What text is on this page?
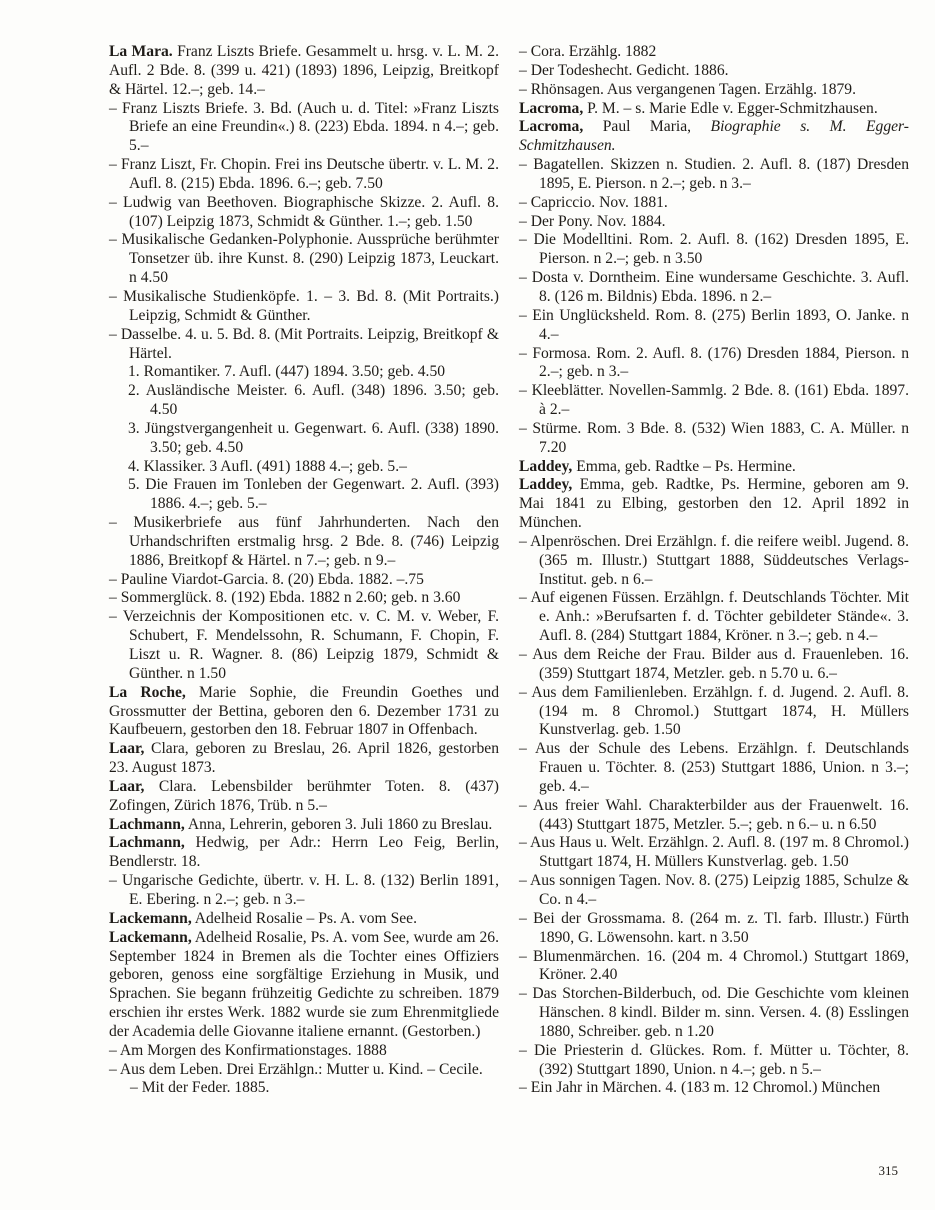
La Mara. Franz Liszts Briefe. Gesammelt u. hrsg. v. L. M. 2. Aufl. 2 Bde. 8. (399 u. 421) (1893) 1896, Leipzig, Breitkopf & Härtel. 12.–; geb. 14.–

– Franz Liszts Briefe. 3. Bd. (Auch u. d. Titel: »Franz Liszts Briefe an eine Freundin«.) 8. (223) Ebda. 1894. n 4.–; geb. 5.–

– Franz Liszt, Fr. Chopin. Frei ins Deutsche übertr. v. L. M. 2. Aufl. 8. (215) Ebda. 1896. 6.–; geb. 7.50

– Ludwig van Beethoven. Biographische Skizze. 2. Aufl. 8. (107) Leipzig 1873, Schmidt & Günther. 1.–; geb. 1.50

– Musikalische Gedanken-Polyphonie. Aussprüche berühmter Tonsetzer üb. ihre Kunst. 8. (290) Leipzig 1873, Leuckart. n 4.50

– Musikalische Studienköpfe. 1. – 3. Bd. 8. (Mit Portraits.) Leipzig, Schmidt & Günther.

– Dasselbe. 4. u. 5. Bd. 8. (Mit Portraits. Leipzig, Breitkopf & Härtel.

1. Romantiker. 7. Aufl. (447) 1894. 3.50; geb. 4.50

2. Ausländische Meister. 6. Aufl. (348) 1896. 3.50; geb. 4.50

3. Jüngstvergangenheit u. Gegenwart. 6. Aufl. (338) 1890. 3.50; geb. 4.50

4. Klassiker. 3 Aufl. (491) 1888 4.–; geb. 5.–

5. Die Frauen im Tonleben der Gegenwart. 2. Aufl. (393) 1886. 4.–; geb. 5.–

– Musikerbriefe aus fünf Jahrhunderten. Nach den Urhandschriften erstmalig hrsg. 2 Bde. 8. (746) Leipzig 1886, Breitkopf & Härtel. n 7.–; geb. n 9.–

– Pauline Viardot-Garcia. 8. (20) Ebda. 1882. –.75

– Sommerglück. 8. (192) Ebda. 1882 n 2.60; geb. n 3.60

– Verzeichnis der Kompositionen etc. v. C. M. v. Weber, F. Schubert, F. Mendelssohn, R. Schumann, F. Chopin, F. Liszt u. R. Wagner. 8. (86) Leipzig 1879, Schmidt & Günther. n 1.50

La Roche, Marie Sophie, die Freundin Goethes und Grossmutter der Bettina, geboren den 6. Dezember 1731 zu Kaufbeuern, gestorben den 18. Februar 1807 in Offenbach.

Laar, Clara, geboren zu Breslau, 26. April 1826, gestorben 23. August 1873.

Laar, Clara. Lebensbilder berühmter Toten. 8. (437) Zofingen, Zürich 1876, Trüb. n 5.–

Lachmann, Anna, Lehrerin, geboren 3. Juli 1860 zu Breslau.

Lachmann, Hedwig, per Adr.: Herrn Leo Feig, Berlin, Bendlerstr. 18.

– Ungarische Gedichte, übertr. v. H. L. 8. (132) Berlin 1891, E. Ebering. n 2.–; geb. n 3.–

Lackemann, Adelheid Rosalie – Ps. A. vom See.

Lackemann, Adelheid Rosalie, Ps. A. vom See, wurde am 26. September 1824 in Bremen als die Tochter eines Offiziers geboren, genoss eine sorgfältige Erziehung in Musik, und Sprachen. Sie begann frühzeitig Gedichte zu schreiben. 1879 erschien ihr erstes Werk. 1882 wurde sie zum Ehrenmitgliede der Academia delle Giovanne italiene ernannt. (Gestorben.)

– Am Morgen des Konfirmationstages. 1888

– Aus dem Leben. Drei Erzählgn.: Mutter u. Kind. – Cecile.

– Mit der Feder. 1885.

– Cora. Erzählg. 1882

– Der Todeshecht. Gedicht. 1886.

– Rhönsagen. Aus vergangenen Tagen. Erzählg. 1879.

Lacroma, P. M. – s. Marie Edle v. Egger-Schmitzhausen.

Lacroma, Paul Maria, Biographie s. M. Egger-Schmitzhausen.

– Bagatellen. Skizzen n. Studien. 2. Aufl. 8. (187) Dresden 1895, E. Pierson. n 2.–; geb. n 3.–

– Capriccio. Nov. 1881.

– Der Pony. Nov. 1884.

– Die Modelltini. Rom. 2. Aufl. 8. (162) Dresden 1895, E. Pierson. n 2.–; geb. n 3.50

– Dosta v. Dorntheim. Eine wundersame Geschichte. 3. Aufl. 8. (126 m. Bildnis) Ebda. 1896. n 2.–

– Ein Unglücksheld. Rom. 8. (275) Berlin 1893, O. Janke. n 4.–

– Formosa. Rom. 2. Aufl. 8. (176) Dresden 1884, Pierson. n 2.–; geb. n 3.–

– Kleeblätter. Novellen-Sammlg. 2 Bde. 8. (161) Ebda. 1897. à 2.–

– Stürme. Rom. 3 Bde. 8. (532) Wien 1883, C. A. Müller. n 7.20

Laddey, Emma, geb. Radtke – Ps. Hermine.

Laddey, Emma, geb. Radtke, Ps. Hermine, geboren am 9. Mai 1841 zu Elbing, gestorben den 12. April 1892 in München.

– Alpenröschen. Drei Erzählgn. f. die reifere weibl. Jugend. 8. (365 m. Illustr.) Stuttgart 1888, Süddeutsches Verlags-Institut. geb. n 6.–

– Auf eigenen Füssen. Erzählgn. f. Deutschlands Töchter. Mit e. Anh.: »Berufsarten f. d. Töchter gebildeter Stände«. 3. Aufl. 8. (284) Stuttgart 1884, Kröner. n 3.–; geb. n 4.–

– Aus dem Reiche der Frau. Bilder aus d. Frauenleben. 16. (359) Stuttgart 1874, Metzler. geb. n 5.70 u. 6.–

– Aus dem Familienleben. Erzählgn. f. d. Jugend. 2. Aufl. 8. (194 m. 8 Chromol.) Stuttgart 1874, H. Müllers Kunstverlag. geb. 1.50

– Aus der Schule des Lebens. Erzählgn. f. Deutschlands Frauen u. Töchter. 8. (253) Stuttgart 1886, Union. n 3.–; geb. 4.–

– Aus freier Wahl. Charakterbilder aus der Frauenwelt. 16. (443) Stuttgart 1875, Metzler. 5.–; geb. n 6.– u. n 6.50

– Aus Haus u. Welt. Erzählgn. 2. Aufl. 8. (197 m. 8 Chromol.) Stuttgart 1874, H. Müllers Kunstverlag. geb. 1.50

– Aus sonnigen Tagen. Nov. 8. (275) Leipzig 1885, Schulze & Co. n 4.–

– Bei der Grossmama. 8. (264 m. z. Tl. farb. Illustr.) Fürth 1890, G. Löwensohn. kart. n 3.50

– Blumenmärchen. 16. (204 m. 4 Chromol.) Stuttgart 1869, Kröner. 2.40

– Das Storchen-Bilderbuch, od. Die Geschichte vom kleinen Hänschen. 8 kindl. Bilder m. sinn. Versen. 4. (8) Esslingen 1880, Schreiber. geb. n 1.20

– Die Priesterin d. Glückes. Rom. f. Mütter u. Töchter, 8. (392) Stuttgart 1890, Union. n 4.–; geb. n 5.–

– Ein Jahr in Märchen. 4. (183 m. 12 Chromol.) München

315
